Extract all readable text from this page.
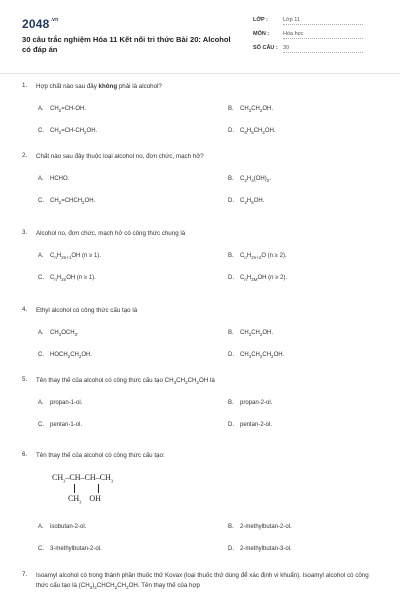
$2048^{.vn}$
30 câu trắc nghiệm Hóa 11 Kết nối tri thức Bài 20: Alcohol có đáp án
LỚP :	Lớp 11
MÔN :	Hóa học
SỐ CÂU : 30
1. Hợp chất nào sau đây không phải là alcohol?
A. $CH_2=CH-OH$.	B. $CH_3CH_2OH$.
C. $CH_2=CH-CH_2OH$.	D. $C_6H_5CH_2OH$.
2. Chất nào sau đây thuộc loại alcohol no, đơn chức, mạch hở?
A. HCHO.	B. $C_2H_4(OH)_2$.
C. $CH_2=CHCH_2OH$.	D. $C_2H_5OH$.
3. Alcohol no, đơn chức, mạch hở có công thức chung là
A. $C_nH_{2n+1}OH$ (n ≥ 1).	B. $C_nH_{2n+2}O$ (n ≥ 2).
C. $C_nH_{2n}OH$ (n ≥ 1).	D. $C_nH_{2M}OH$ (n ≥ 2).
4. Ethyl alcohol có công thức cấu tạo là
A. $CH_3OCH_3$.	B. $CH_3CH_2OH$.
C. $HOCH_2CH_2OH$.	D. $CH_3CH_2CH_2OH$.
5. Tên thay thế của alcohol có công thức cấu tạo $CH_3CH_2CH_2OH$ là
A. propan-1-ol.	B. propan-2-ol.
C. pentan-1-ol.	D. pentan-2-ol.
6. Tên thay thế của alcohol có công thức cấu tạo:
$CH_3-CH-CH-CH_3$
$CH_3$    OH
A. isobutan-2-ol.	B. 2-methylbutan-2-ol.
C. 3-methylbutan-2-ol.	D. 2-methylbutan-3-ol.
7. Isoamyl alcohol có trong thành phần thuốc thử Kovax (loại thuốc thử dùng để xác định vi khuẩn). Isoamyl alcohol có công thức cấu tạo là $(CH_3)_2CHCH_2CH_2OH$. Tên thay thế của hợp
